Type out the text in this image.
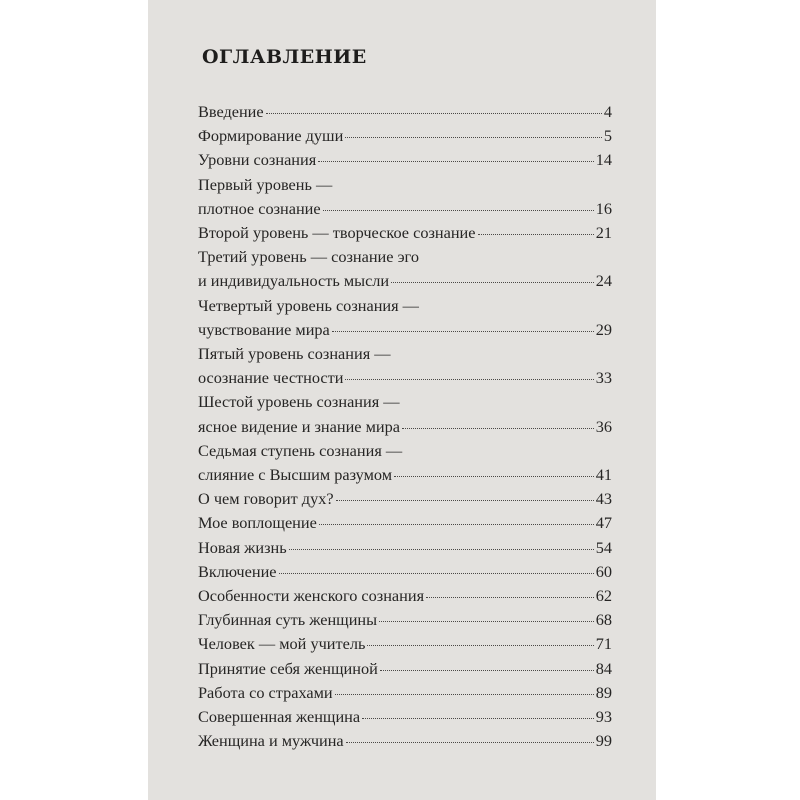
ОГЛАВЛЕНИЕ
Введение	4
Формирование души	5
Уровни сознания	14
Первый уровень —
плотное сознание	16
Второй уровень — творческое сознание	21
Третий уровень — сознание эго
и индивидуальность мысли	24
Четвертый уровень сознания —
чувствование мира	29
Пятый уровень сознания —
осознание честности	33
Шестой уровень сознания —
ясное видение и знание мира	36
Седьмая ступень сознания —
слияние с Высшим разумом	41
О чем говорит дух?	43
Мое воплощение	47
Новая жизнь	54
Включение	60
Особенности женского сознания	62
Глубинная суть женщины	68
Человек — мой учитель	71
Принятие себя женщиной	84
Работа со страхами	89
Совершенная женщина	93
Женщина и мужчина	99
